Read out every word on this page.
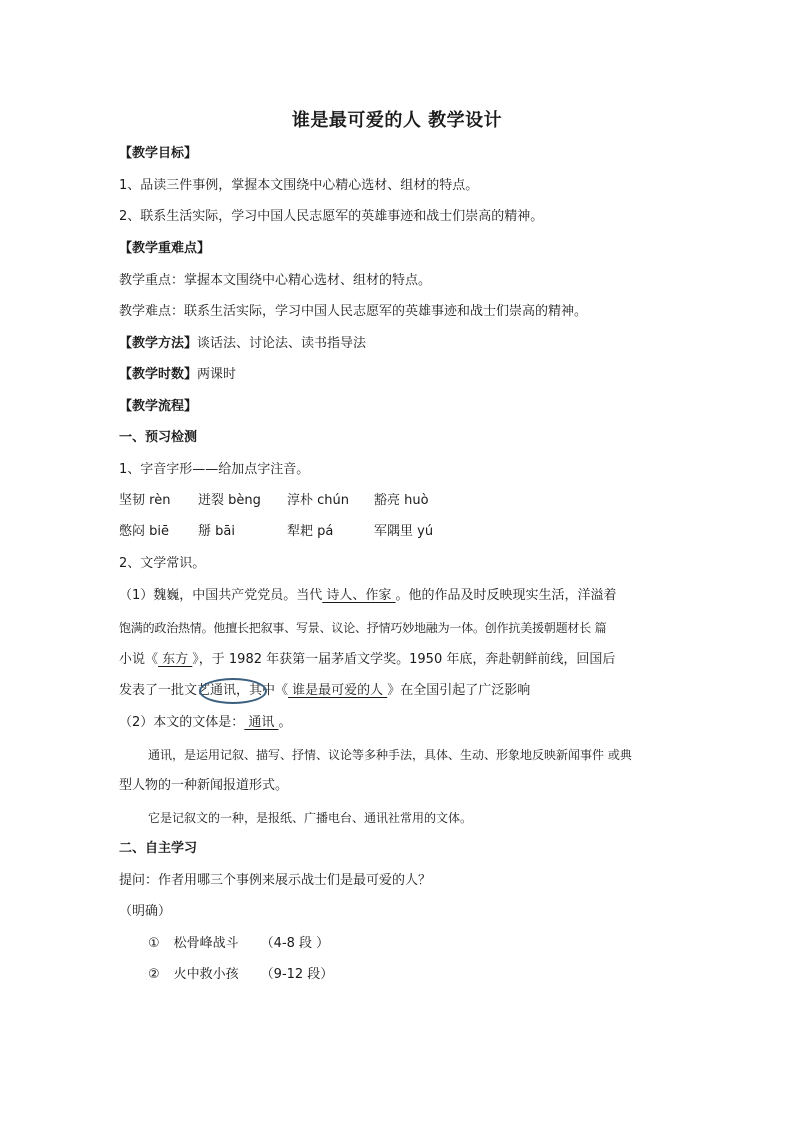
谁是最可爱的人 教学设计
【教学目标】
1、品读三件事例，掌握本文围绕中心精心选材、组材的特点。
2、联系生活实际，学习中国人民志愿军的英雄事迹和战士们崇高的精神。
【教学重难点】
教学重点：掌握本文围绕中心精心选材、组材的特点。
教学难点：联系生活实际，学习中国人民志愿军的英雄事迹和战士们崇高的精神。
【教学方法】谈话法、讨论法、读书指导法
【教学时数】两课时
【教学流程】
一、预习检测
1、字音字形——给加点字注音。
坚韧 rèn 迸裂 bèng 淳朴 chún 豁亮 huò
憋闷 biē 掰 bāi	犁耙 pá	军隅里 yú
2、文学常识。
（1）魏巍，中国共产党党员。当代 诗人、作家 。他的作品及时反映现实生活，洋溢着
饱满的政治热情。他擅长把叙事、写景、议论、抒情巧妙地融为一体。创作抗美援朝题材长 篇
小说《 东方 》，于 1982 年获第一届茅盾文学奖。1950 年底，奔赴朝鲜前线，回国后
发表了一批文艺通讯，其中《 谁是最可爱的人 》在全国引起了广泛影响
（2）本文的文体是： 通讯 。
通讯，是运用记叙、描写、抒情、议论等多种手法，具体、生动、形象地反映新闻事件 或典
型人物的一种新闻报道形式。
它是记叙文的一种，是报纸、广播电台、通讯社常用的文体。
二、自主学习
提问：作者用哪三个事例来展示战士们是最可爱的人？
（明确）
① 松骨峰战斗 （4-8 段 ）
② 火中救小孩 （9-12 段）
